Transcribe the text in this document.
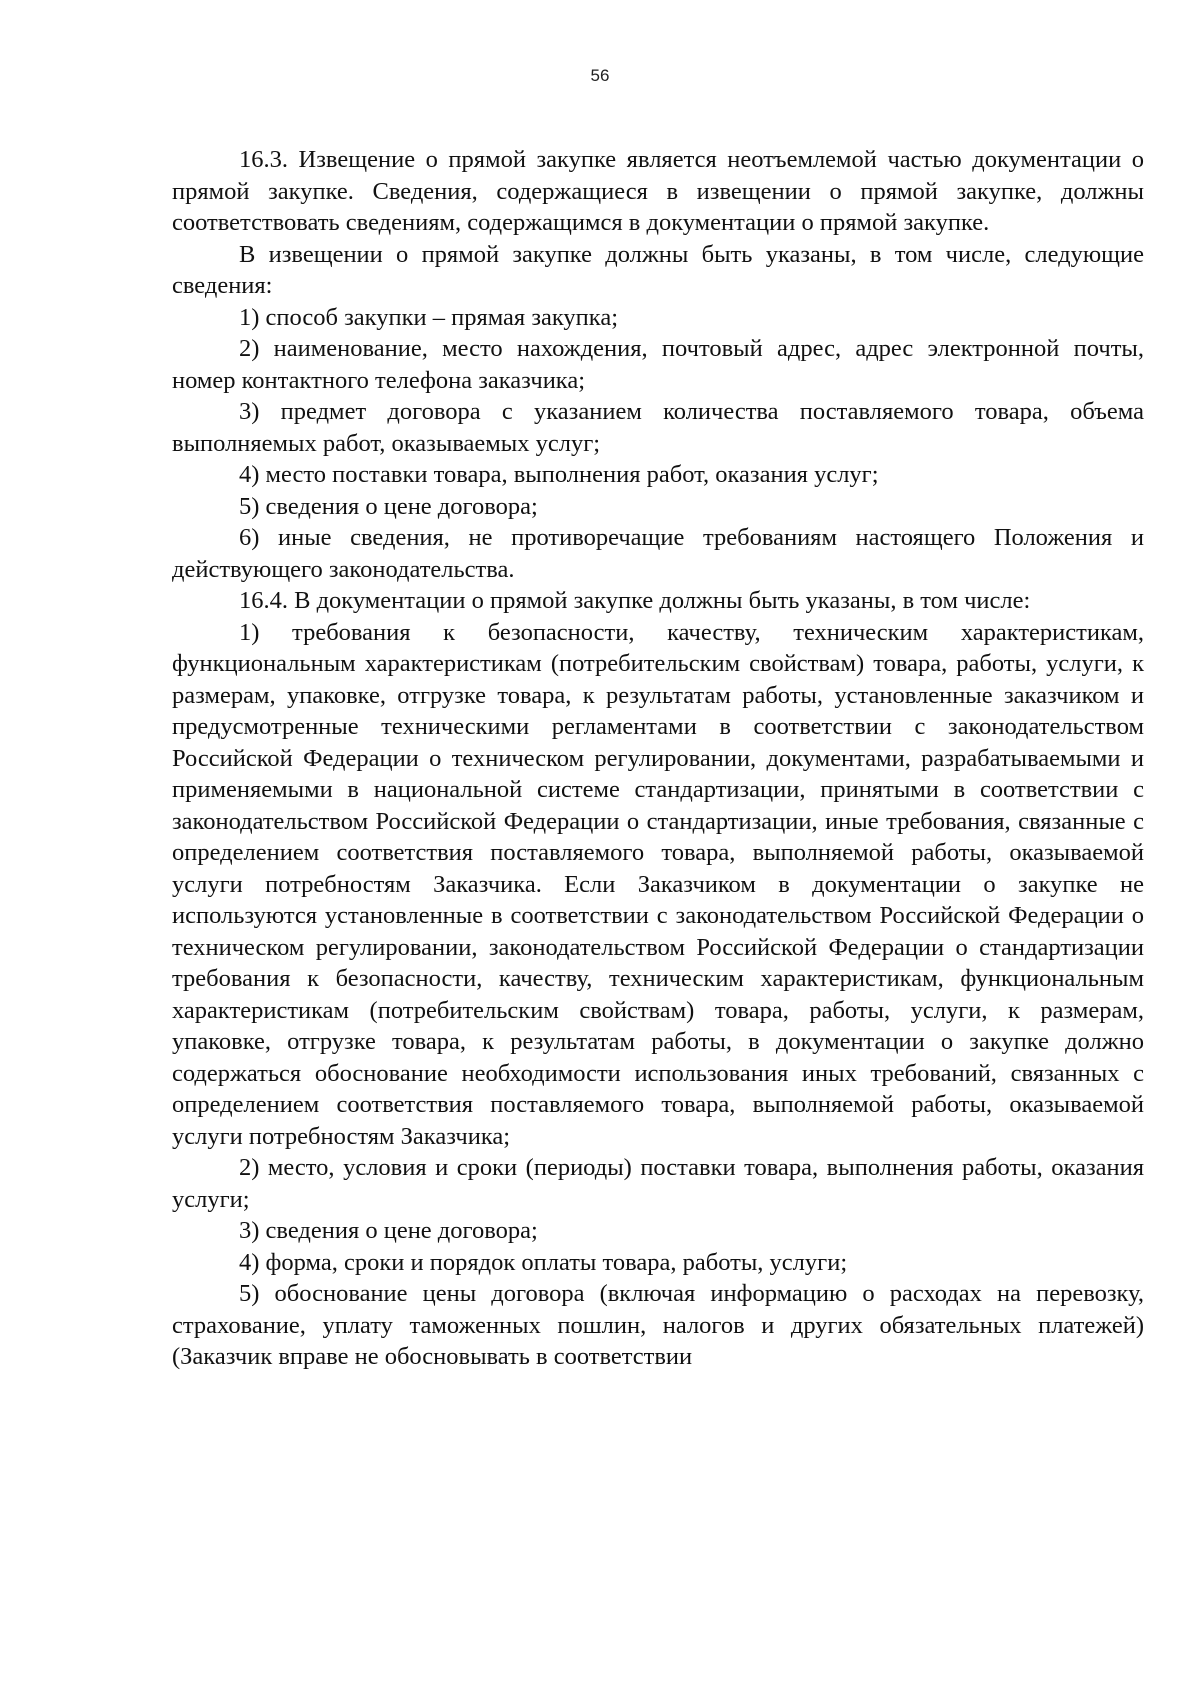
56

16.3. Извещение о прямой закупке является неотъемлемой частью документации о прямой закупке. Сведения, содержащиеся в извещении о прямой закупке, должны соответствовать сведениям, содержащимся в документации о прямой закупке.

В извещении о прямой закупке должны быть указаны, в том числе, следующие сведения:

1) способ закупки – прямая закупка;

2) наименование, место нахождения, почтовый адрес, адрес электронной почты, номер контактного телефона заказчика;

3) предмет договора с указанием количества поставляемого товара, объема выполняемых работ, оказываемых услуг;

4) место поставки товара, выполнения работ, оказания услуг;

5) сведения о цене договора;

6) иные сведения, не противоречащие требованиям настоящего Положения и действующего законодательства.

16.4. В документации о прямой закупке должны быть указаны, в том числе:

1) требования к безопасности, качеству, техническим характеристикам, функциональным характеристикам (потребительским свойствам) товара, работы, услуги, к размерам, упаковке, отгрузке товара, к результатам работы, установленные заказчиком и предусмотренные техническими регламентами в соответствии с законодательством Российской Федерации о техническом регулировании, документами, разрабатываемыми и применяемыми в национальной системе стандартизации, принятыми в соответствии с законодательством Российской Федерации о стандартизации, иные требования, связанные с определением соответствия поставляемого товара, выполняемой работы, оказываемой услуги потребностям Заказчика. Если Заказчиком в документации о закупке не используются установленные в соответствии с законодательством Российской Федерации о техническом регулировании, законодательством Российской Федерации о стандартизации требования к безопасности, качеству, техническим характеристикам, функциональным характеристикам (потребительским свойствам) товара, работы, услуги, к размерам, упаковке, отгрузке товара, к результатам работы, в документации о закупке должно содержаться обоснование необходимости использования иных требований, связанных с определением соответствия поставляемого товара, выполняемой работы, оказываемой услуги потребностям Заказчика;

2) место, условия и сроки (периоды) поставки товара, выполнения работы, оказания услуги;

3) сведения о цене договора;

4) форма, сроки и порядок оплаты товара, работы, услуги;

5) обоснование цены договора (включая информацию о расходах на перевозку, страхование, уплату таможенных пошлин, налогов и других обязательных платежей) (Заказчик вправе не обосновывать в соответствии
